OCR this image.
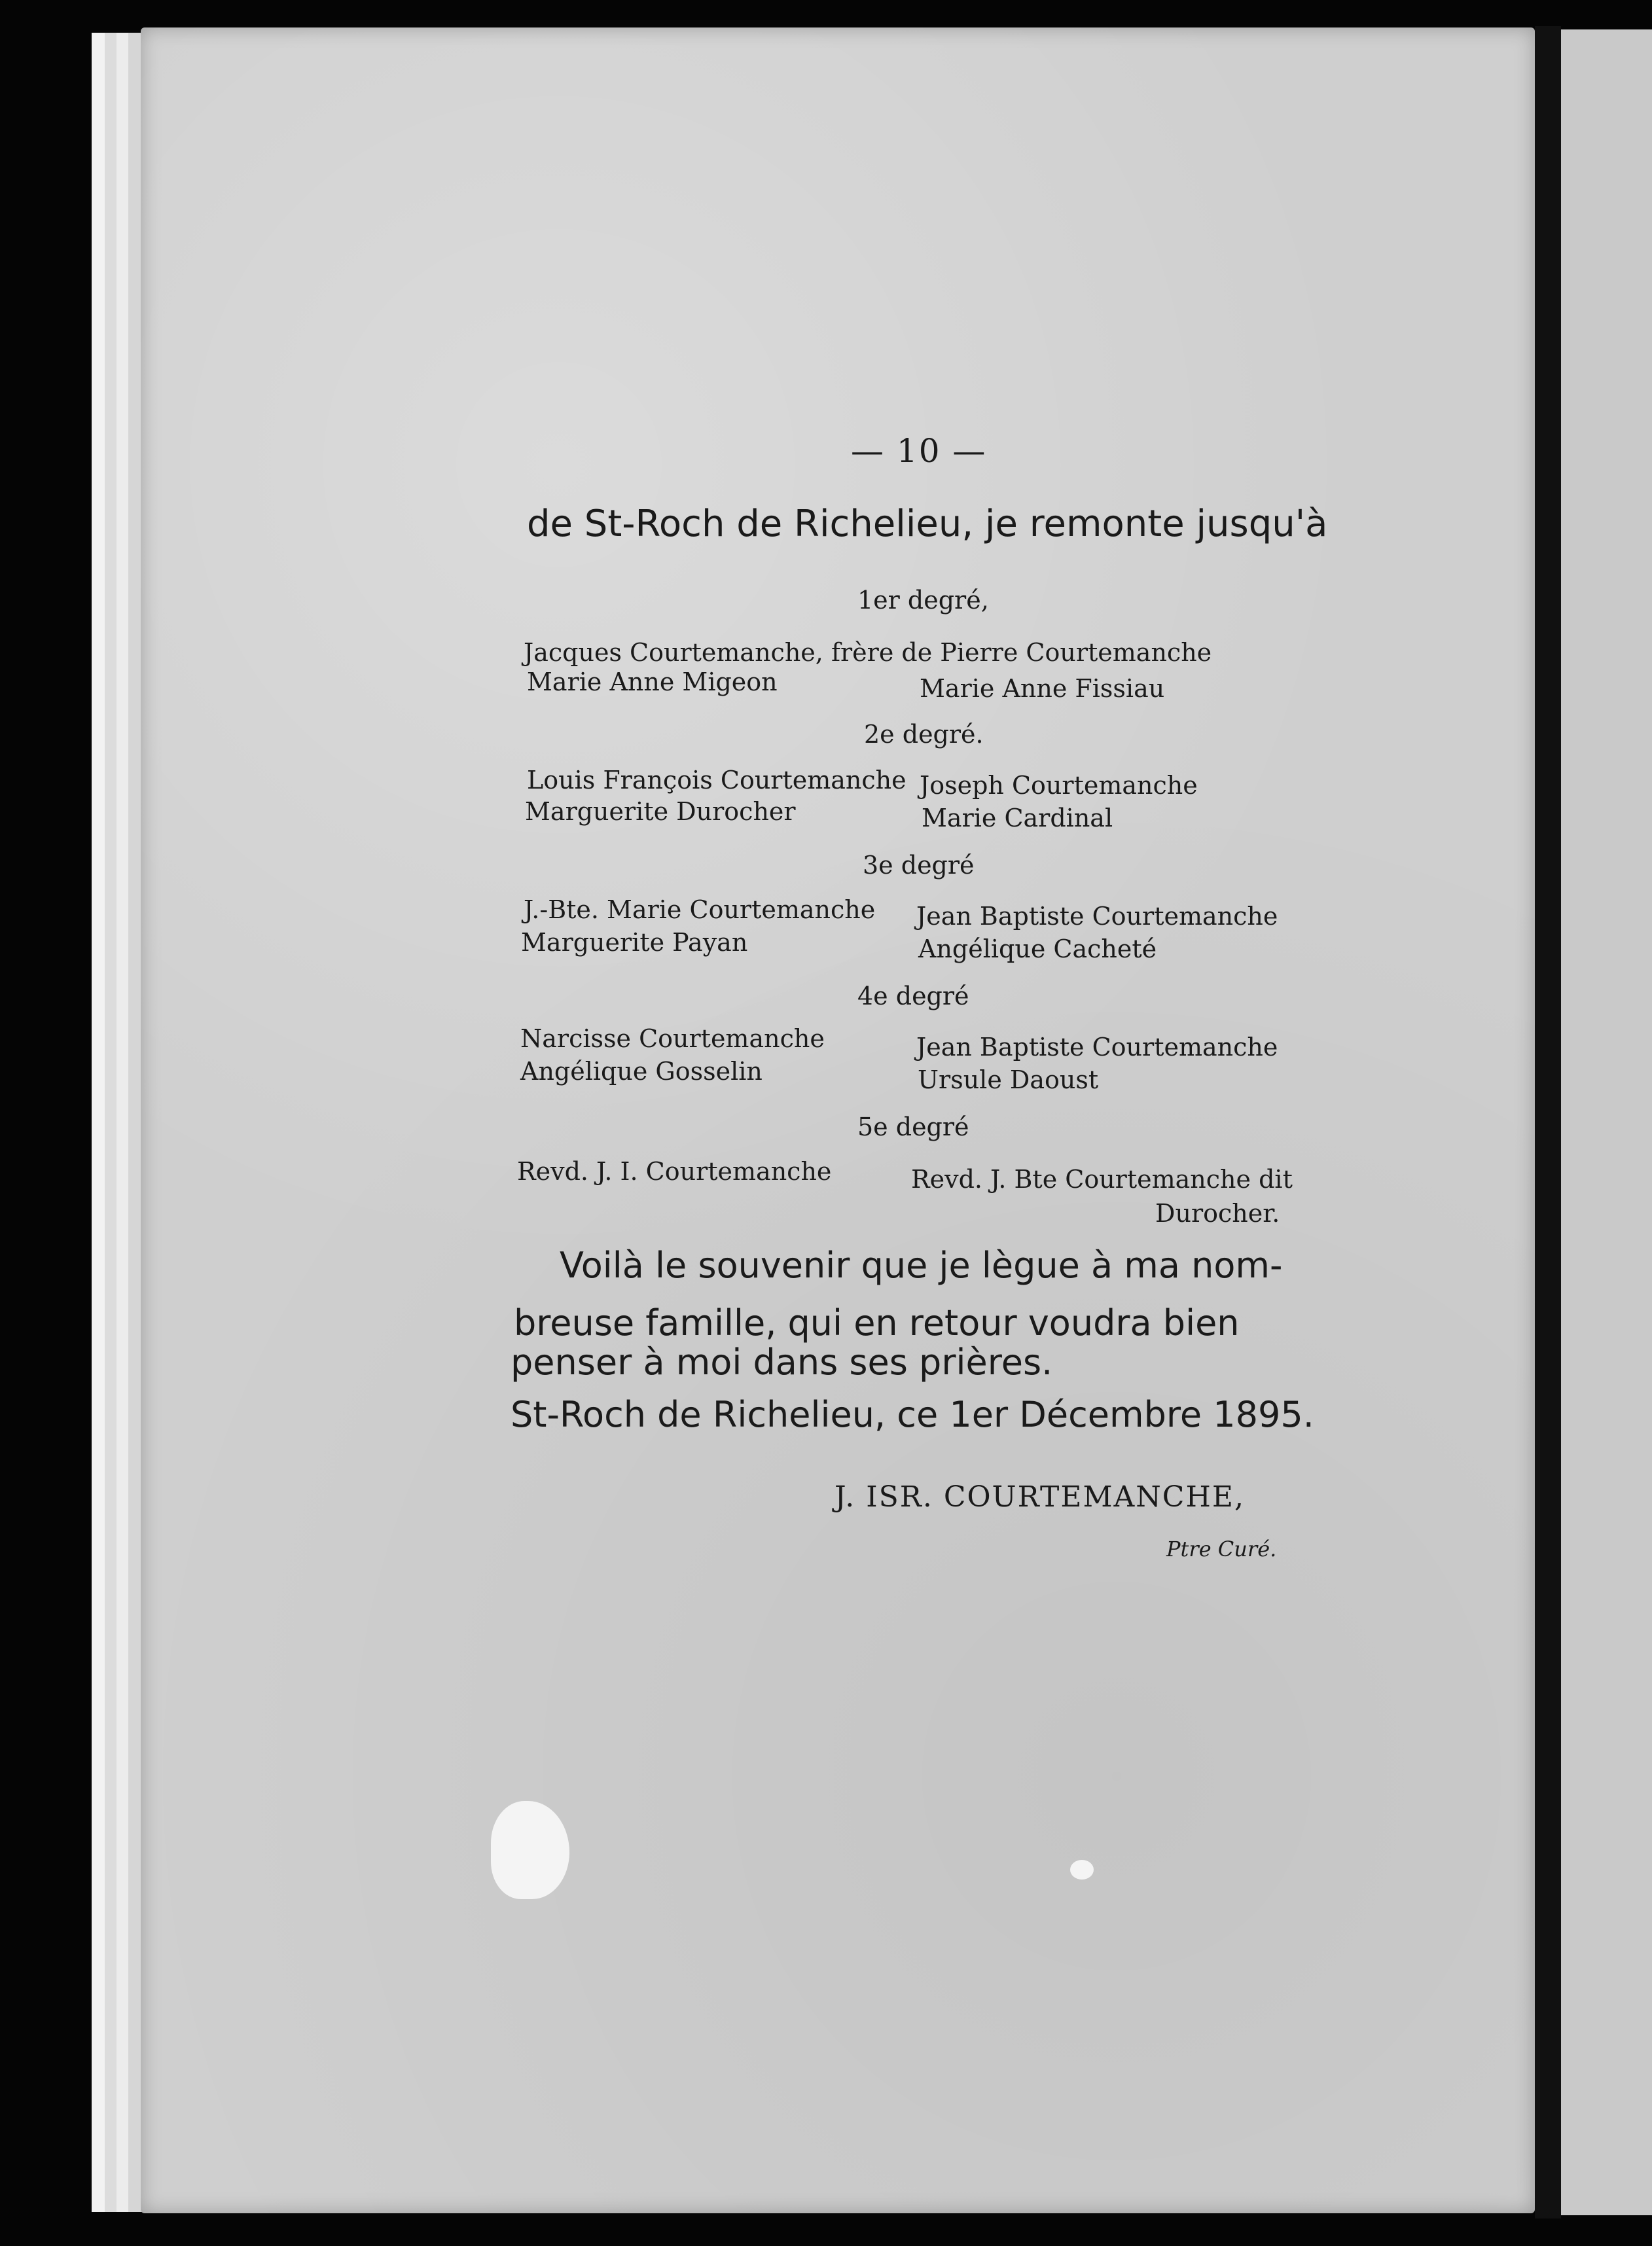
— 10 —
de St-Roch de Richelieu, je remonte jusqu'à
1er degré,
Jacques Courtemanche, frère de Pierre Courtemanche
Marie Anne Migeon	Marie Anne Fissiau
2e degré.
Louis François Courtemanche
Marguerite Durocher
Joseph Courtemanche
Marie Cardinal
3e degré
J.-Bte. Marie Courtemanche
Marguerite Payan
Jean Baptiste Courtemanche
Angélique Cacheté
4e degré
Narcisse Courtemanche
Angélique Gosselin
Jean Baptiste Courtemanche
Ursule Daoust
5e degré
Revd. J. I. Courtemanche	Revd. J. Bte Courtemanche dit
Durocher.
Voilà le souvenir que je lègue à ma nom-
breuse famille, qui en retour voudra bien
penser à moi dans ses prières.
St-Roch de Richelieu, ce 1er Décembre 1895.
J. ISR. COURTEMANCHE,
Ptre Curé.
